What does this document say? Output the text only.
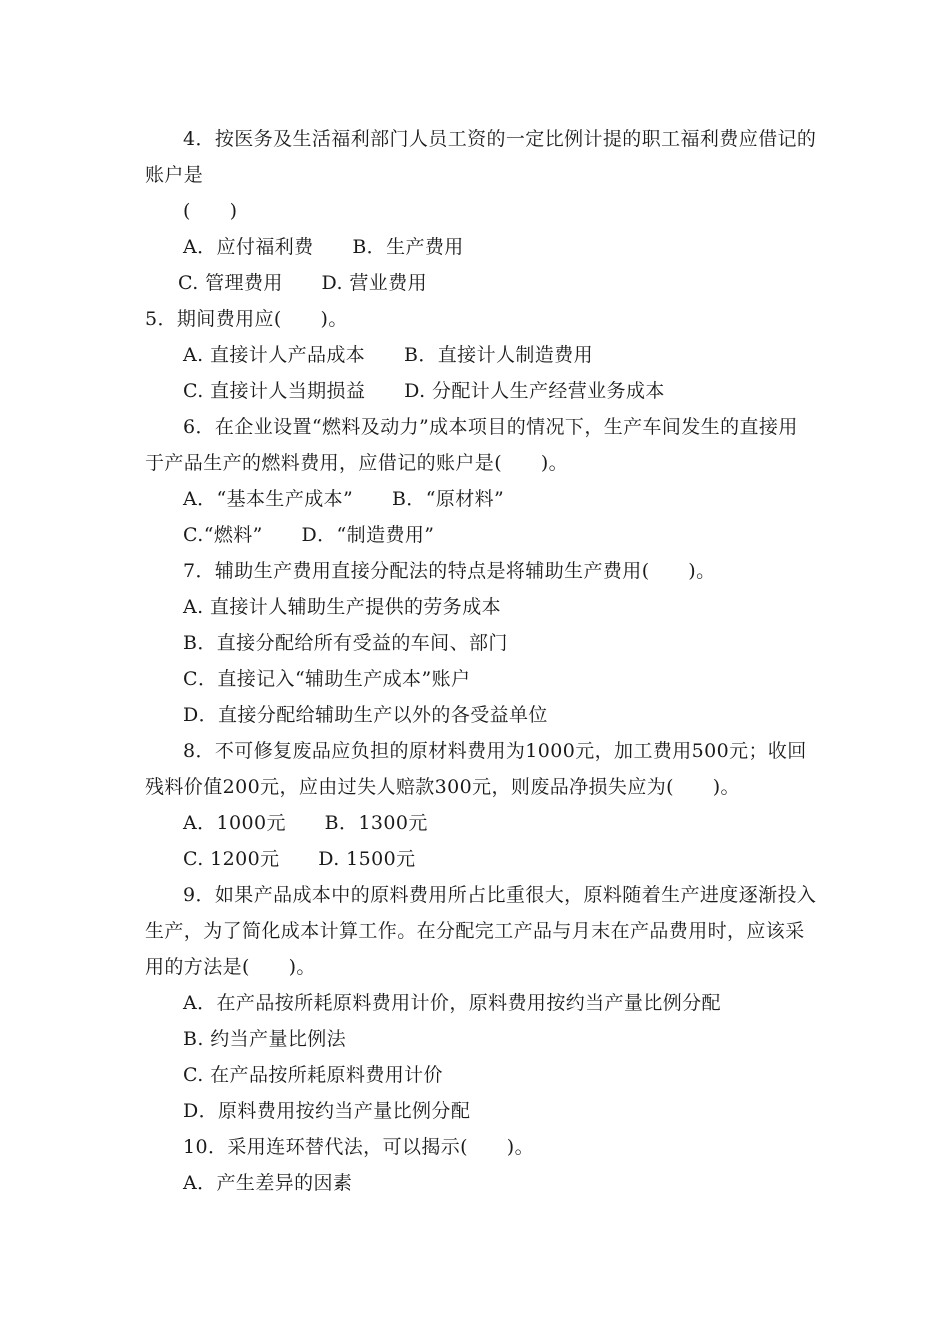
4．按医务及生活福利部门人员工资的一定比例计提的职工福利费应借记的
账户是
(　　)
A．应付福利费　　B．生产费用
C. 管理费用　　D. 营业费用
5．期间费用应(　　)。
A. 直接计人产品成本　　B．直接计人制造费用
C. 直接计人当期损益　　D. 分配计人生产经营业务成本
6．在企业设置“燃料及动力”成本项目的情况下，生产车间发生的直接用
于产品生产的燃料费用，应借记的账户是(　　)。
A．“基本生产成本”　　B．“原材料”
C.“燃料”　　D．“制造费用”
7．辅助生产费用直接分配法的特点是将辅助生产费用(　　)。
A. 直接计人辅助生产提供的劳务成本
B．直接分配给所有受益的车间、部门
C．直接记入“辅助生产成本”账户
D．直接分配给辅助生产以外的各受益单位
8．不可修复废品应负担的原材料费用为1000元，加工费用500元；收回
残料价值200元，应由过失人赔款300元，则废品净损失应为(　　)。
A．1000元　　B．1300元
C. 1200元　　D. 1500元
9．如果产品成本中的原料费用所占比重很大，原料随着生产进度逐渐投入
生产，为了简化成本计算工作。在分配完工产品与月末在产品费用时，应该采
用的方法是(　　)。
A．在产品按所耗原料费用计价，原料费用按约当产量比例分配
B. 约当产量比例法
C. 在产品按所耗原料费用计价
D．原料费用按约当产量比例分配
10．采用连环替代法，可以揭示(　　)。
A．产生差异的因素
